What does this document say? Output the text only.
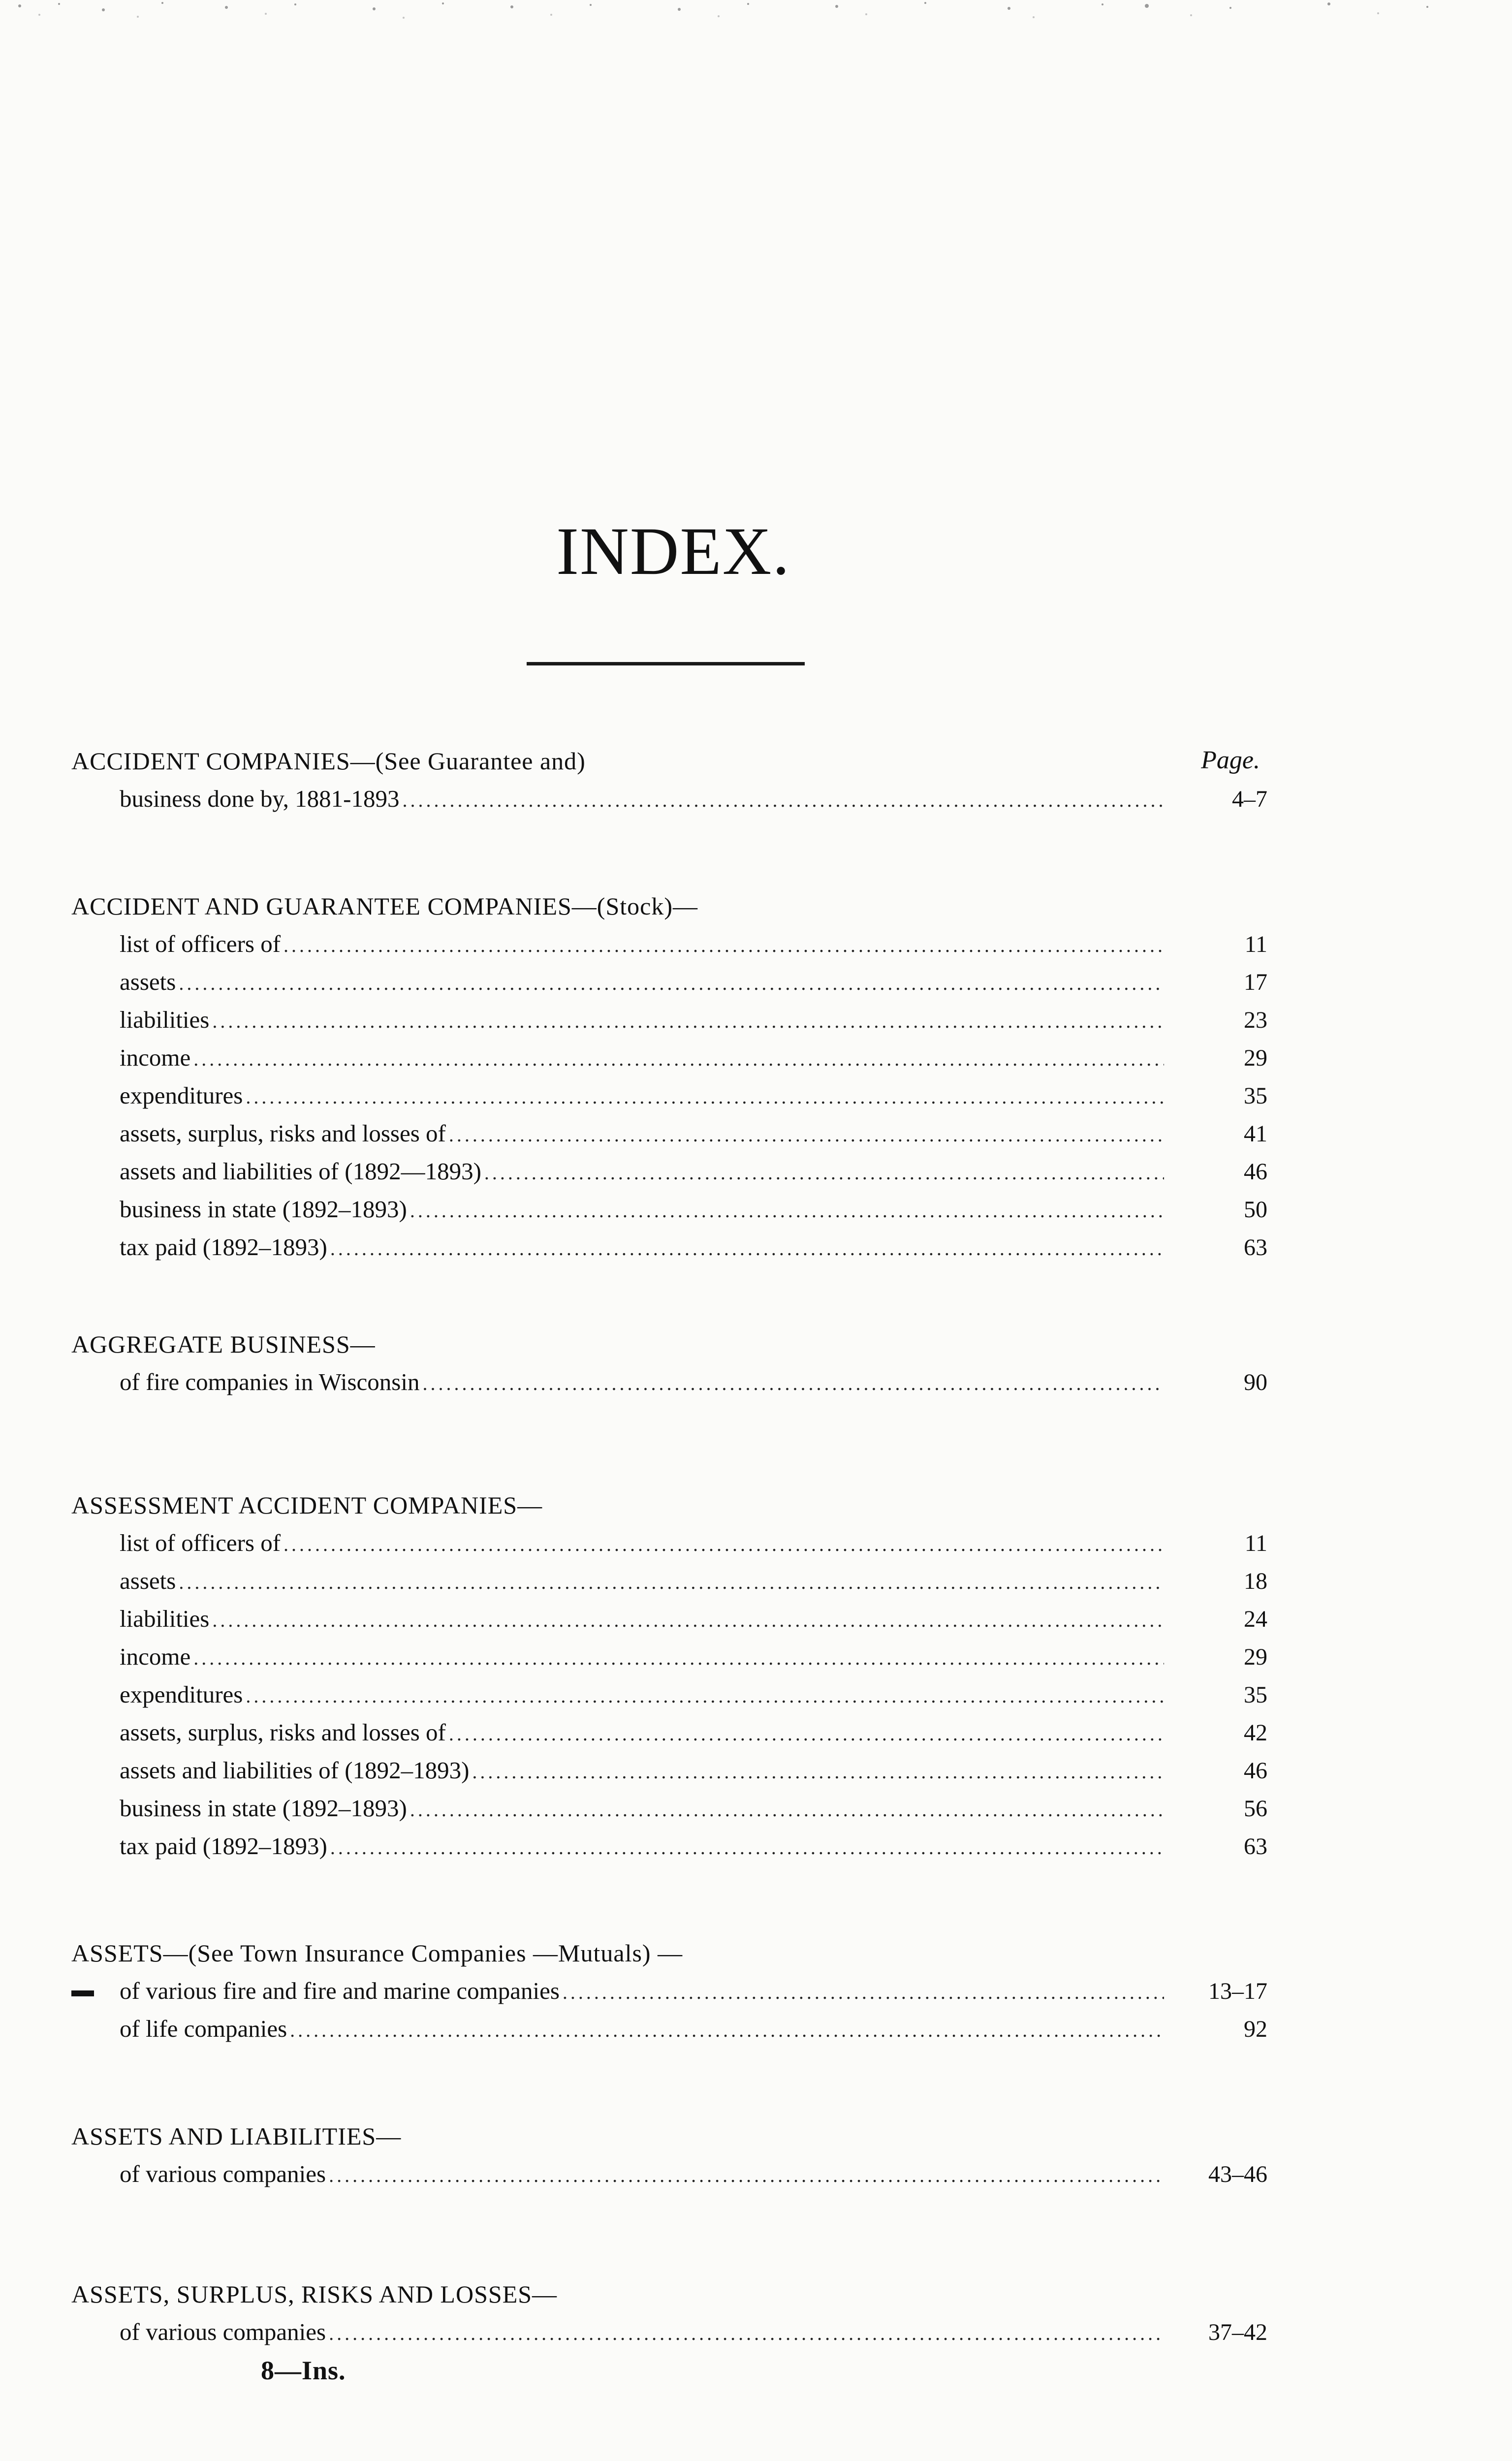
INDEX.
Page.
ACCIDENT COMPANIES—(See Guarantee and)
business done by, 1881-1893 .....	4–7
ACCIDENT AND GUARANTEE COMPANIES—(Stock)—
list of officers of .....	11
assets .....	17
liabilities .....	23
income .....	29
expenditures .....	35
assets, surplus, risks and losses of .....	41
assets and liabilities of (1892—1893) .....	46
business in state (1892–1893) .....	50
tax paid (1892–1893) .....	63
AGGREGATE BUSINESS—
of fire companies in Wisconsin .....	90
ASSESSMENT ACCIDENT COMPANIES—
list of officers of .....	11
assets .....	18
liabilities .....	24
income .....	29
expenditures .....	35
assets, surplus, risks and losses of .....	42
assets and liabilities of (1892–1893) .....	46
business in state (1892–1893) .....	56
tax paid (1892–1893) .....	63
ASSETS—(See Town Insurance Companies —Mutuals) —
of various fire and fire and marine companies .....	13–17
of life companies .....	92
ASSETS AND LIABILITIES—
of various companies .....	43–46
ASSETS, SURPLUS, RISKS AND LOSSES—
of various companies .....	37–42
8—Ins.
